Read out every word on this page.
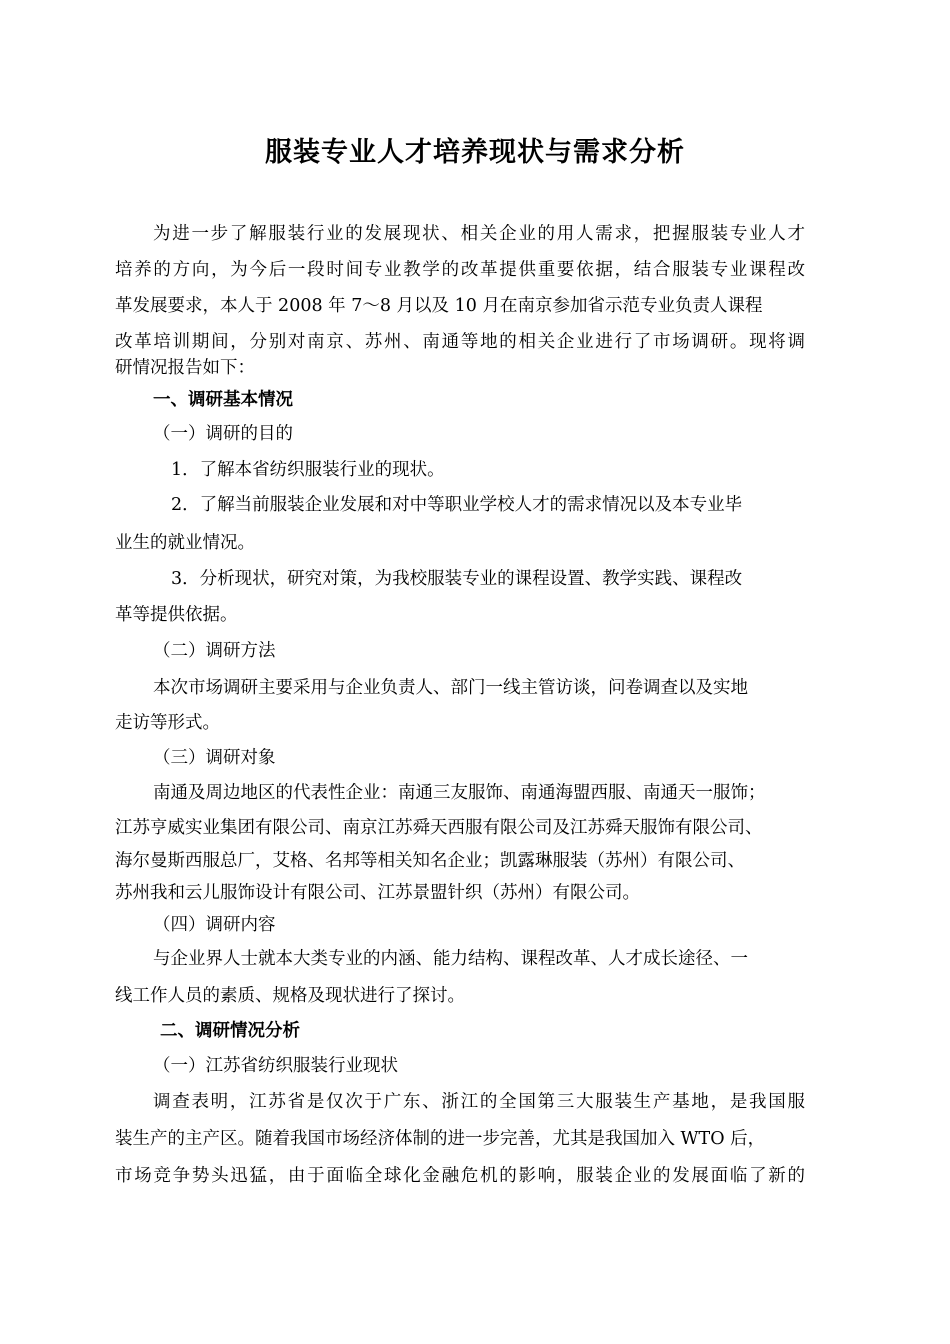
服装专业人才培养现状与需求分析
为进一步了解服装行业的发展现状、相关企业的用人需求，把握服装专业人才
培养的方向，为今后一段时间专业教学的改革提供重要依据，结合服装专业课程改
革发展要求，本人于 2008 年 7～8 月以及 10 月在南京参加省示范专业负责人课程
改革培训期间，分别对南京、苏州、南通等地的相关企业进行了市场调研。现将调
研情况报告如下：
一、调研基本情况
（一）调研的目的
1．了解本省纺织服装行业的现状。
2．了解当前服装企业发展和对中等职业学校人才的需求情况以及本专业毕
业生的就业情况。
3．分析现状，研究对策，为我校服装专业的课程设置、教学实践、课程改
革等提供依据。
（二）调研方法
本次市场调研主要采用与企业负责人、部门一线主管访谈，问卷调查以及实地
走访等形式。
（三）调研对象
南通及周边地区的代表性企业：南通三友服饰、南通海盟西服、南通天一服饰；
江苏亨威实业集团有限公司、南京江苏舜天西服有限公司及江苏舜天服饰有限公司、
海尔曼斯西服总厂，艾格、名邦等相关知名企业；凯露琳服装（苏州）有限公司、
苏州我和云儿服饰设计有限公司、江苏景盟针织（苏州）有限公司。
（四）调研内容
与企业界人士就本大类专业的内涵、能力结构、课程改革、人才成长途径、一
线工作人员的素质、规格及现状进行了探讨。
二、调研情况分析
（一）江苏省纺织服装行业现状
调查表明，江苏省是仅次于广东、浙江的全国第三大服装生产基地，是我国服
装生产的主产区。随着我国市场经济体制的进一步完善，尤其是我国加入 WTO 后，
市场竞争势头迅猛，由于面临全球化金融危机的影响，服装企业的发展面临了新的
